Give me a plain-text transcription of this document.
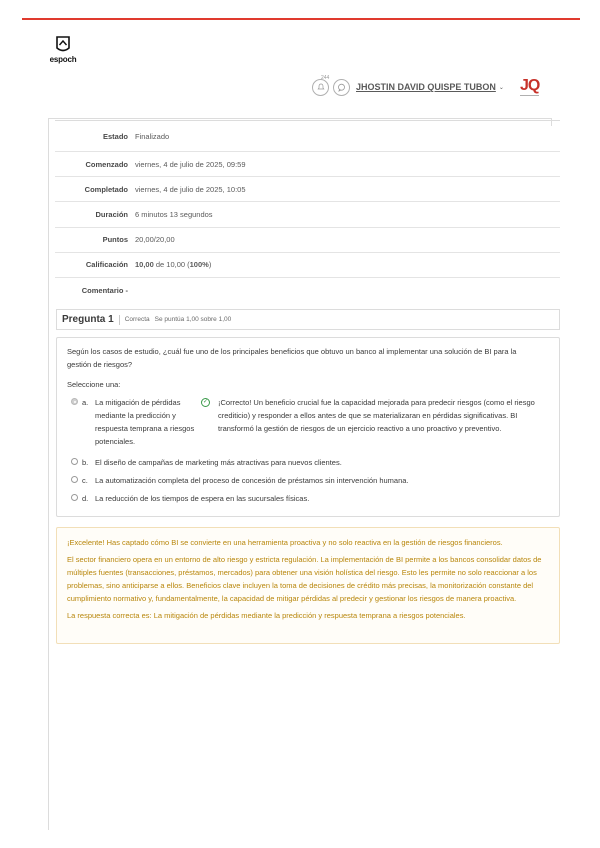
espoch
244
JHOSTIN DAVID QUISPE TUBON ⌄ JQ
Estado Finalizado
Comenzado viernes, 4 de julio de 2025, 09:59
Completado viernes, 4 de julio de 2025, 10:05
Duración 6 minutos 13 segundos
Puntos 20,00/20,00
Calificación 10,00 de 10,00 (100%)
Comentario -
Pregunta 1 Correcta Se puntúa 1,00 sobre 1,00
Según los casos de estudio, ¿cuál fue uno de los principales beneficios que obtuvo un banco al implementar una solución de BI para la gestión de riesgos?
Seleccione una:
a. La mitigación de pérdidas
mediante la predicción y
respuesta temprana a riesgos
potenciales.
✓ ¡Correcto! Un beneficio crucial fue la capacidad mejorada para predecir riesgos (como el riesgo crediticio) y responder a ellos antes de que se materializaran en pérdidas significativas. BI transformó la gestión de riesgos de un ejercicio reactivo a uno proactivo y preventivo.
b. El diseño de campañas de marketing más atractivas para nuevos clientes.
c. La automatización completa del proceso de concesión de préstamos sin intervención humana.
d. La reducción de los tiempos de espera en las sucursales físicas.

¡Excelente! Has captado cómo BI se convierte en una herramienta proactiva y no solo reactiva en la gestión de riesgos financieros.

El sector financiero opera en un entorno de alto riesgo y estricta regulación. La implementación de BI permite a los bancos consolidar datos de múltiples fuentes (transacciones, préstamos, mercados) para obtener una visión holística del riesgo. Esto les permite no solo reaccionar a los problemas, sino anticiparse a ellos. Beneficios clave incluyen la toma de decisiones de crédito más precisas, la monitorización constante del cumplimiento normativo y, fundamentalmente, la capacidad de mitigar pérdidas al predecir y gestionar los riesgos de manera proactiva.

La respuesta correcta es: La mitigación de pérdidas mediante la predicción y respuesta temprana a riesgos potenciales.
